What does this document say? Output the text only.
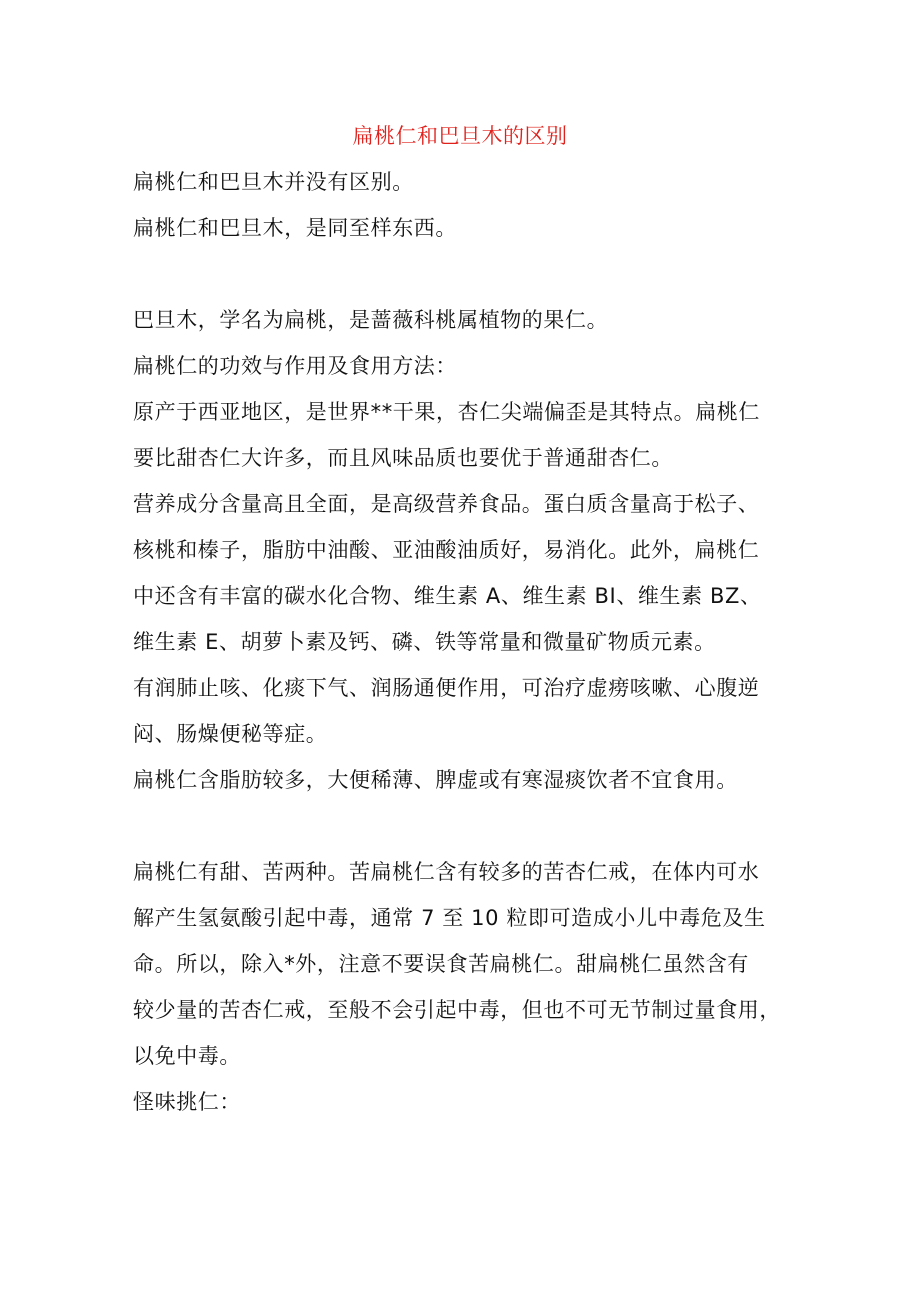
扁桃仁和巴旦木的区别

扁桃仁和巴旦木并没有区别。

扁桃仁和巴旦木，是同至样东西。

巴旦木，学名为扁桃，是蔷薇科桃属植物的果仁。

扁桃仁的功效与作用及食用方法：

原产于西亚地区，是世界**干果，杏仁尖端偏歪是其特点。扁桃仁
要比甜杏仁大许多，而且风味品质也要优于普通甜杏仁。

营养成分含量高且全面，是高级营养食品。蛋白质含量高于松子、
核桃和榛子，脂肪中油酸、亚油酸油质好，易消化。此外，扁桃仁
中还含有丰富的碳水化合物、维生素 A、维生素 BI、维生素 BZ、
维生素 E、胡萝卜素及钙、磷、铁等常量和微量矿物质元素。

有润肺止咳、化痰下气、润肠通便作用，可治疗虚痨咳嗽、心腹逆
闷、肠燥便秘等症。

扁桃仁含脂肪较多，大便稀薄、脾虚或有寒湿痰饮者不宜食用。

扁桃仁有甜、苦两种。苦扁桃仁含有较多的苦杏仁戒，在体内可水
解产生氢氨酸引起中毒，通常 7 至 10 粒即可造成小儿中毒危及生
命。所以，除入*外，注意不要误食苦扁桃仁。甜扁桃仁虽然含有
较少量的苦杏仁戒，至般不会引起中毒，但也不可无节制过量食用，
以免中毒。

怪味挑仁：
